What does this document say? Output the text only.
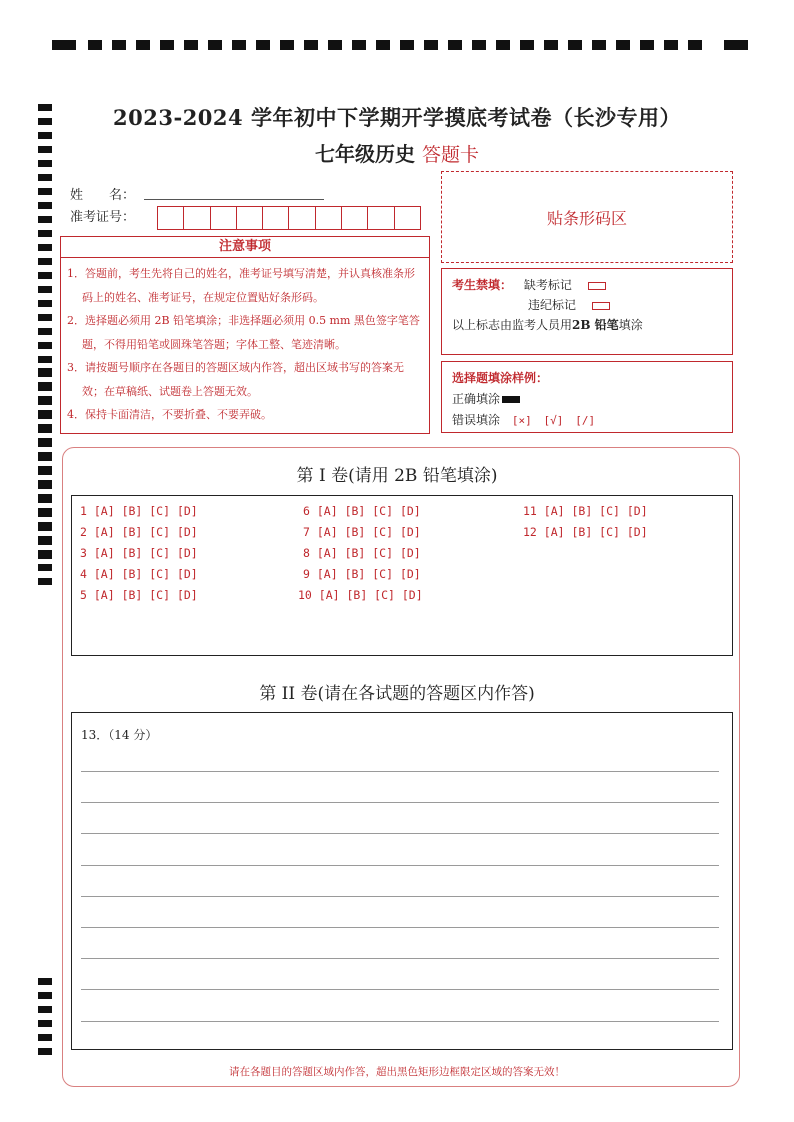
2023-2024 学年初中下学期开学摸底考试卷（长沙专用）
七年级历史 答题卡
姓　　名：
准考证号：	贴条形码区
注意事项
1．答题前，考生先将自己的姓名，准考证号填写清楚，并认真核准条形码上的姓名、准考证号，在规定位置贴好条形码。
2．选择题必须用 2B 铅笔填涂；非选择题必须用 0.5 mm 黑色签字笔答题，不得用铅笔或圆珠笔答题；字体工整、笔迹清晰。
3．请按题号顺序在各题目的答题区域内作答，超出区域书写的答案无效；在草稿纸、试题卷上答题无效。
4．保持卡面清洁，不要折叠、不要弄破。
考生禁填： 缺考标记
违纪标记
以上标志由监考人员用2B 铅笔填涂
选择题填涂样例：
正确填涂
错误填涂 [×] [√] [/]
第 I 卷(请用 2B 铅笔填涂)
1 [A] [B] [C] [D]
2 [A] [B] [C] [D]
3 [A] [B] [C] [D]
4 [A] [B] [C] [D]
5 [A] [B] [C] [D]
6 [A] [B] [C] [D]
7 [A] [B] [C] [D]
8 [A] [B] [C] [D]
9 [A] [B] [C] [D]
10 [A] [B] [C] [D]
11 [A] [B] [C] [D]
12 [A] [B] [C] [D]
第 II 卷(请在各试题的答题区内作答)
13．（14 分）
请在各题目的答题区域内作答，超出黑色矩形边框限定区域的答案无效！
